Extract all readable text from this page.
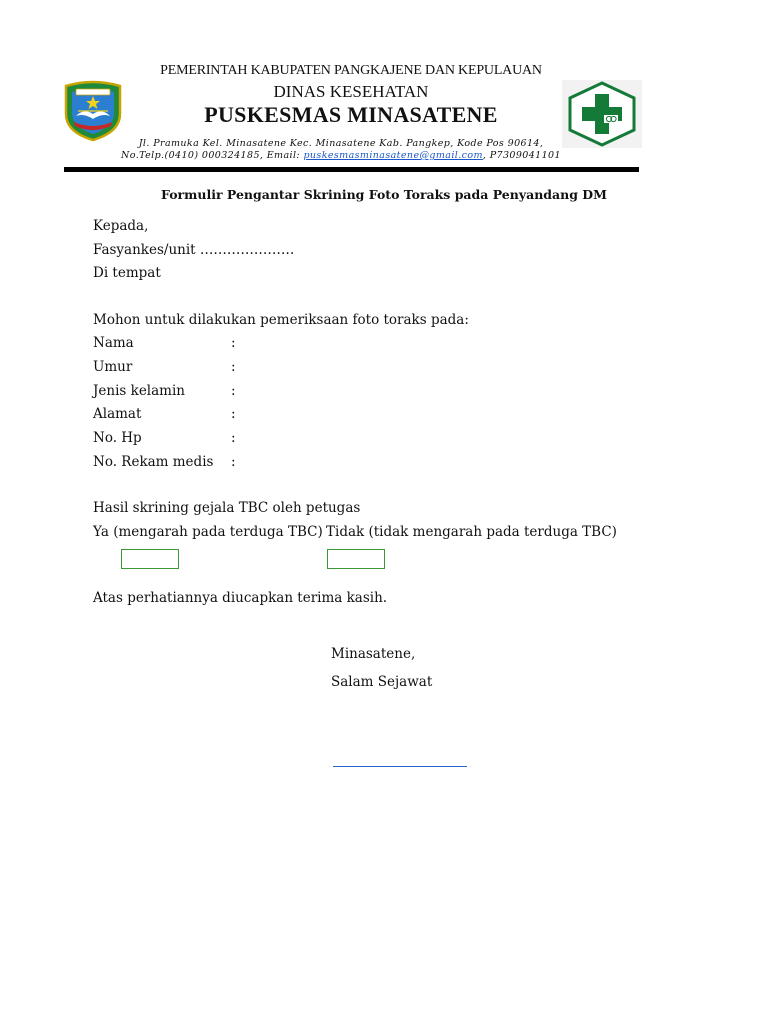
PEMERINTAH KABUPATEN PANGKAJENE DAN KEPULAUAN
DINAS KESEHATAN
PUSKESMAS MINASATENE
Jl. Pramuka Kel. Minasatene Kec. Minasatene Kab. Pangkep, Kode Pos 90614,
No.Telp.(0410) 000324185, Email: puskesmasminasatene@gmail.com, P7309041101
Formulir Pengantar Skrining Foto Toraks pada Penyandang DM
Kepada,
Fasyankes/unit …………………
Di tempat
Mohon untuk dilakukan pemeriksaan foto toraks pada:
Nama	:
Umur	:
Jenis kelamin	:
Alamat	:
No. Hp	:
No. Rekam medis :
Hasil skrining gejala TBC oleh petugas
Ya (mengarah pada terduga TBC) Tidak (tidak mengarah pada terduga TBC)
Atas perhatiannya diucapkan terima kasih.
Minasatene,
Salam Sejawat
